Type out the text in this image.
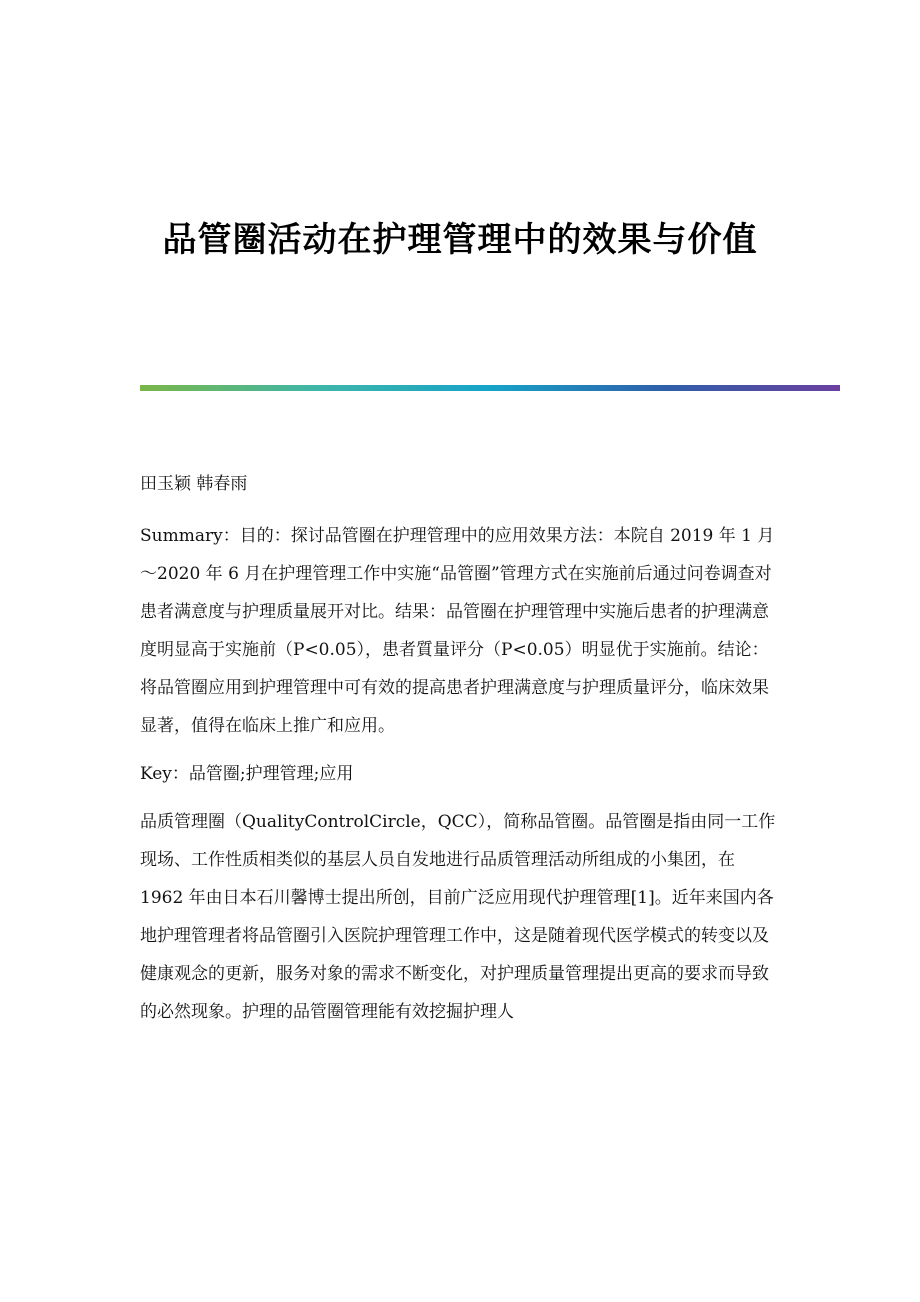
品管圈活动在护理管理中的效果与价值

田玉颖 韩春雨

Summary：目的：探讨品管圈在护理管理中的应用效果方法：本院自 2019 年 1 月～2020 年 6 月在护理管理工作中实施“品管圈”管理方式在实施前后通过问卷调查对患者满意度与护理质量展开对比。结果：品管圈在护理管理中实施后患者的护理满意度明显高于实施前（P<0.05），患者質量评分（P<0.05）明显优于实施前。结论：将品管圈应用到护理管理中可有效的提高患者护理满意度与护理质量评分，临床效果显著，值得在临床上推广和应用。

Key：品管圈;护理管理;应用

品质管理圈（QualityControlCircle，QCC），简称品管圈。品管圈是指由同一工作现场、工作性质相类似的基层人员自发地进行品质管理活动所组成的小集团，在 1962 年由日本石川馨博士提出所创，目前广泛应用现代护理管理[1]。近年来国内各地护理管理者将品管圈引入医院护理管理工作中，这是随着现代医学模式的转变以及健康观念的更新，服务对象的需求不断变化，对护理质量管理提出更高的要求而导致的必然现象。护理的品管圈管理能有效挖掘护理人
